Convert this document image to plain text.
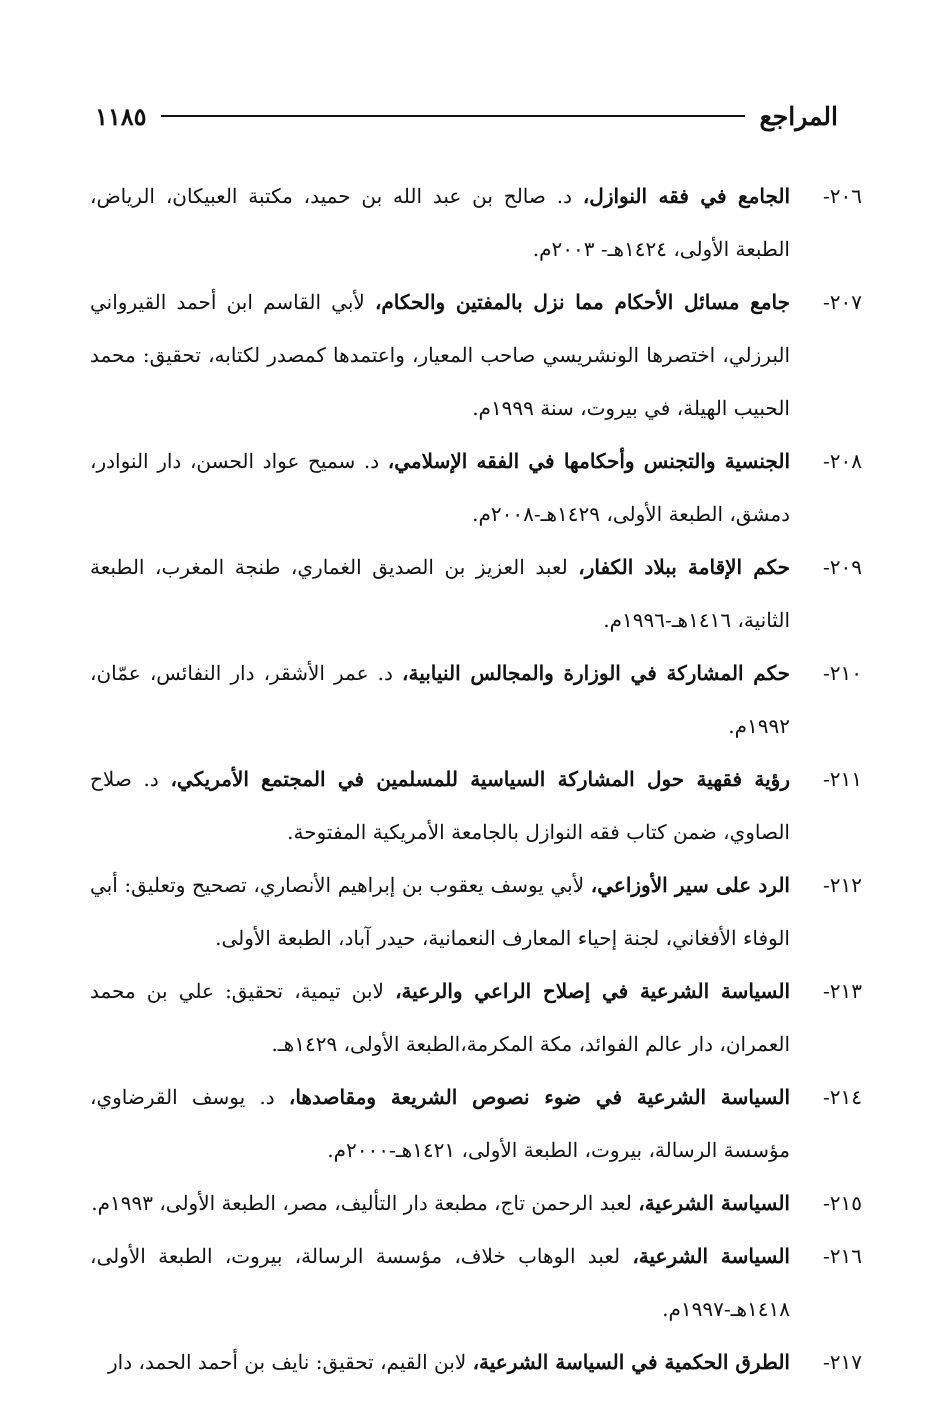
المراجع
١١٨٥
٢٠٦-
الجامع في فقه النوازل، د. صالح بن عبد الله بن حميد، مكتبة العبيكان، الرياض، الطبعة الأولى، ١٤٢٤هـ- ٢٠٠٣م.
٢٠٧-
جامع مسائل الأحكام مما نزل بالمفتين والحكام، لأبي القاسم ابن أحمد القيرواني البرزلي، اختصرها الونشريسي صاحب المعيار، واعتمدها كمصدر لكتابه، تحقيق: محمد الحبيب الهيلة، في بيروت، سنة ١٩٩٩م.
٢٠٨-
الجنسية والتجنس وأحكامها في الفقه الإسلامي، د. سميح عواد الحسن، دار النوادر، دمشق، الطبعة الأولى، ١٤٢٩هـ-٢٠٠٨م.
٢٠٩-
حكم الإقامة ببلاد الكفار، لعبد العزيز بن الصديق الغماري، طنجة المغرب، الطبعة الثانية، ١٤١٦هـ-١٩٩٦م.
٢١٠-
حكم المشاركة في الوزارة والمجالس النيابية، د. عمر الأشقر، دار النفائس، عمّان، ١٩٩٢م.
٢١١-
رؤية فقهية حول المشاركة السياسية للمسلمين في المجتمع الأمريكي، د. صلاح الصاوي، ضمن كتاب فقه النوازل بالجامعة الأمريكية المفتوحة.
٢١٢-
الرد على سير الأوزاعي، لأبي يوسف يعقوب بن إبراهيم الأنصاري، تصحيح وتعليق: أبي الوفاء الأفغاني، لجنة إحياء المعارف النعمانية، حيدر آباد، الطبعة الأولى.
٢١٣-
السياسة الشرعية في إصلاح الراعي والرعية، لابن تيمية، تحقيق: علي بن محمد العمران، دار عالم الفوائد، مكة المكرمة،الطبعة الأولى، ١٤٢٩هـ.
٢١٤-
السياسة الشرعية في ضوء نصوص الشريعة ومقاصدها، د. يوسف القرضاوي، مؤسسة الرسالة، بيروت، الطبعة الأولى، ١٤٢١هـ-٢٠٠٠م.
٢١٥-
السياسة الشرعية، لعبد الرحمن تاج، مطبعة دار التأليف، مصر، الطبعة الأولى، ١٩٩٣م.
٢١٦-
السياسة الشرعية، لعبد الوهاب خلاف، مؤسسة الرسالة، بيروت، الطبعة الأولى، ١٤١٨هـ-١٩٩٧م.
٢١٧-
الطرق الحكمية في السياسة الشرعية، لابن القيم، تحقيق: نايف بن أحمد الحمد، دار
